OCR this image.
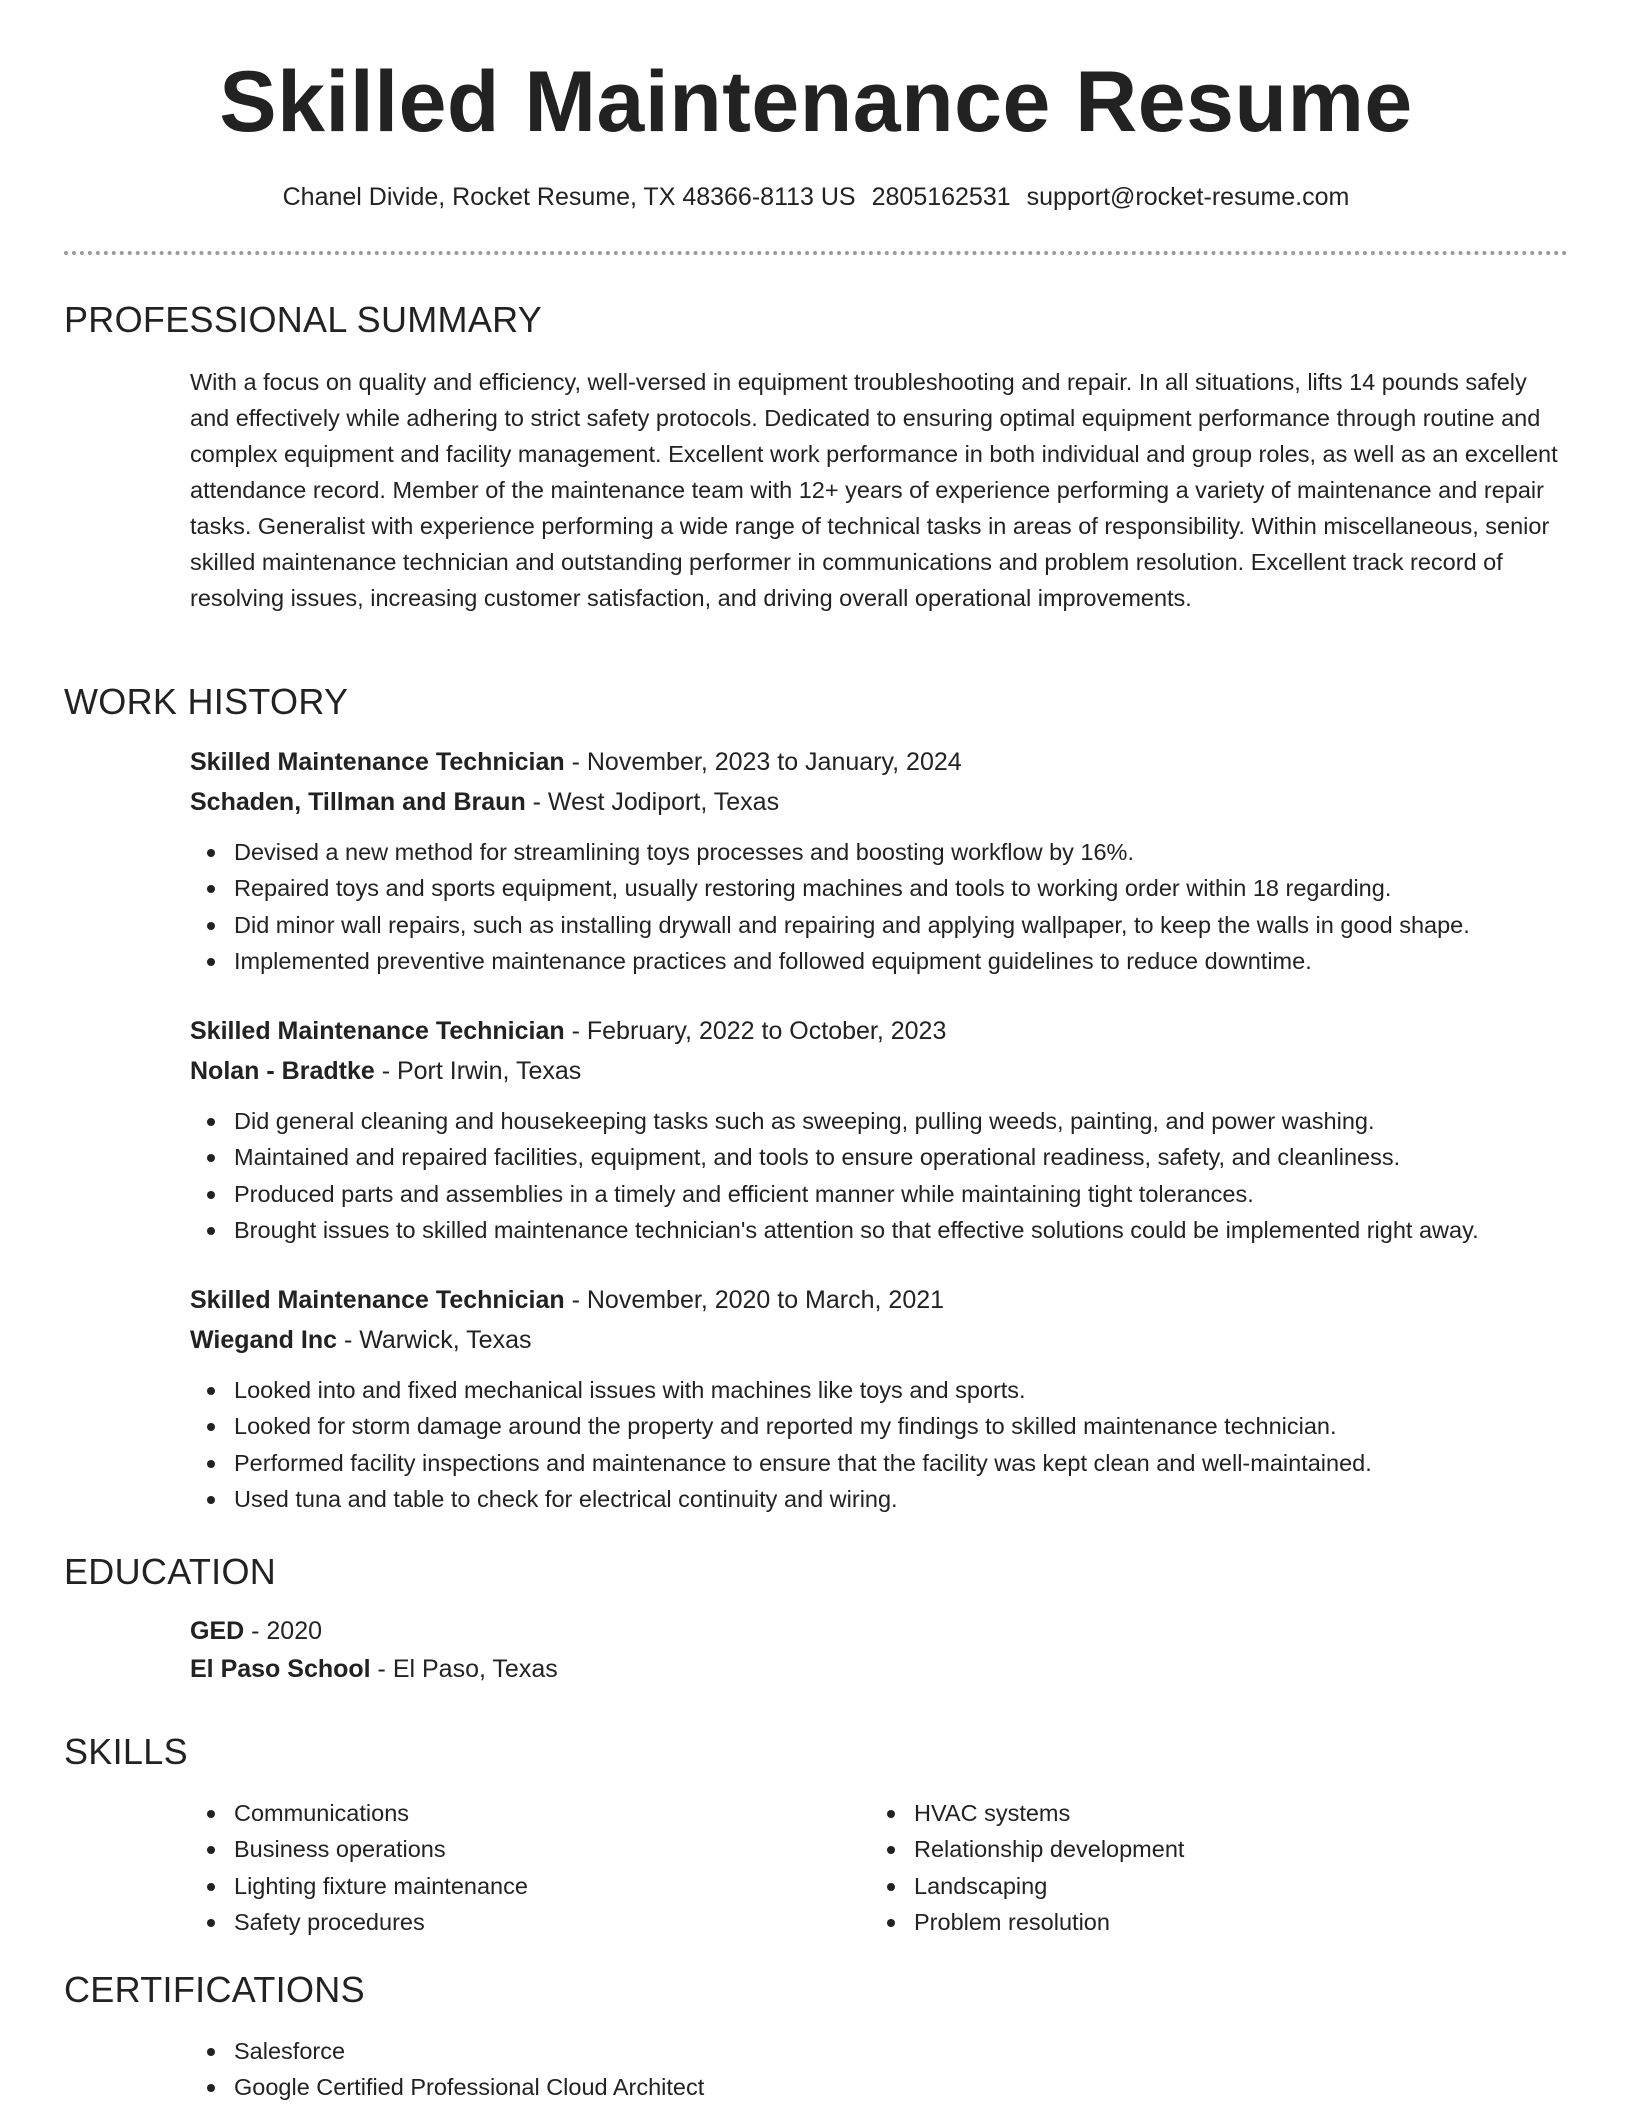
Skilled Maintenance Resume
Chanel Divide, Rocket Resume, TX 48366-8113 US 2805162531 support@rocket-resume.com
PROFESSIONAL SUMMARY
With a focus on quality and efficiency, well-versed in equipment troubleshooting and repair. In all situations, lifts 14 pounds safely and effectively while adhering to strict safety protocols. Dedicated to ensuring optimal equipment performance through routine and complex equipment and facility management. Excellent work performance in both individual and group roles, as well as an excellent attendance record. Member of the maintenance team with 12+ years of experience performing a variety of maintenance and repair tasks. Generalist with experience performing a wide range of technical tasks in areas of responsibility. Within miscellaneous, senior skilled maintenance technician and outstanding performer in communications and problem resolution. Excellent track record of resolving issues, increasing customer satisfaction, and driving overall operational improvements.
WORK HISTORY
Skilled Maintenance Technician - November, 2023 to January, 2024
Schaden, Tillman and Braun - West Jodiport, Texas
Devised a new method for streamlining toys processes and boosting workflow by 16%.
Repaired toys and sports equipment, usually restoring machines and tools to working order within 18 regarding.
Did minor wall repairs, such as installing drywall and repairing and applying wallpaper, to keep the walls in good shape.
Implemented preventive maintenance practices and followed equipment guidelines to reduce downtime.
Skilled Maintenance Technician - February, 2022 to October, 2023
Nolan - Bradtke - Port Irwin, Texas
Did general cleaning and housekeeping tasks such as sweeping, pulling weeds, painting, and power washing.
Maintained and repaired facilities, equipment, and tools to ensure operational readiness, safety, and cleanliness.
Produced parts and assemblies in a timely and efficient manner while maintaining tight tolerances.
Brought issues to skilled maintenance technician's attention so that effective solutions could be implemented right away.
Skilled Maintenance Technician - November, 2020 to March, 2021
Wiegand Inc - Warwick, Texas
Looked into and fixed mechanical issues with machines like toys and sports.
Looked for storm damage around the property and reported my findings to skilled maintenance technician.
Performed facility inspections and maintenance to ensure that the facility was kept clean and well-maintained.
Used tuna and table to check for electrical continuity and wiring.
EDUCATION
GED - 2020
El Paso School - El Paso, Texas
SKILLS
Communications
Business operations
Lighting fixture maintenance
Safety procedures
HVAC systems
Relationship development
Landscaping
Problem resolution
CERTIFICATIONS
Salesforce
Google Certified Professional Cloud Architect
